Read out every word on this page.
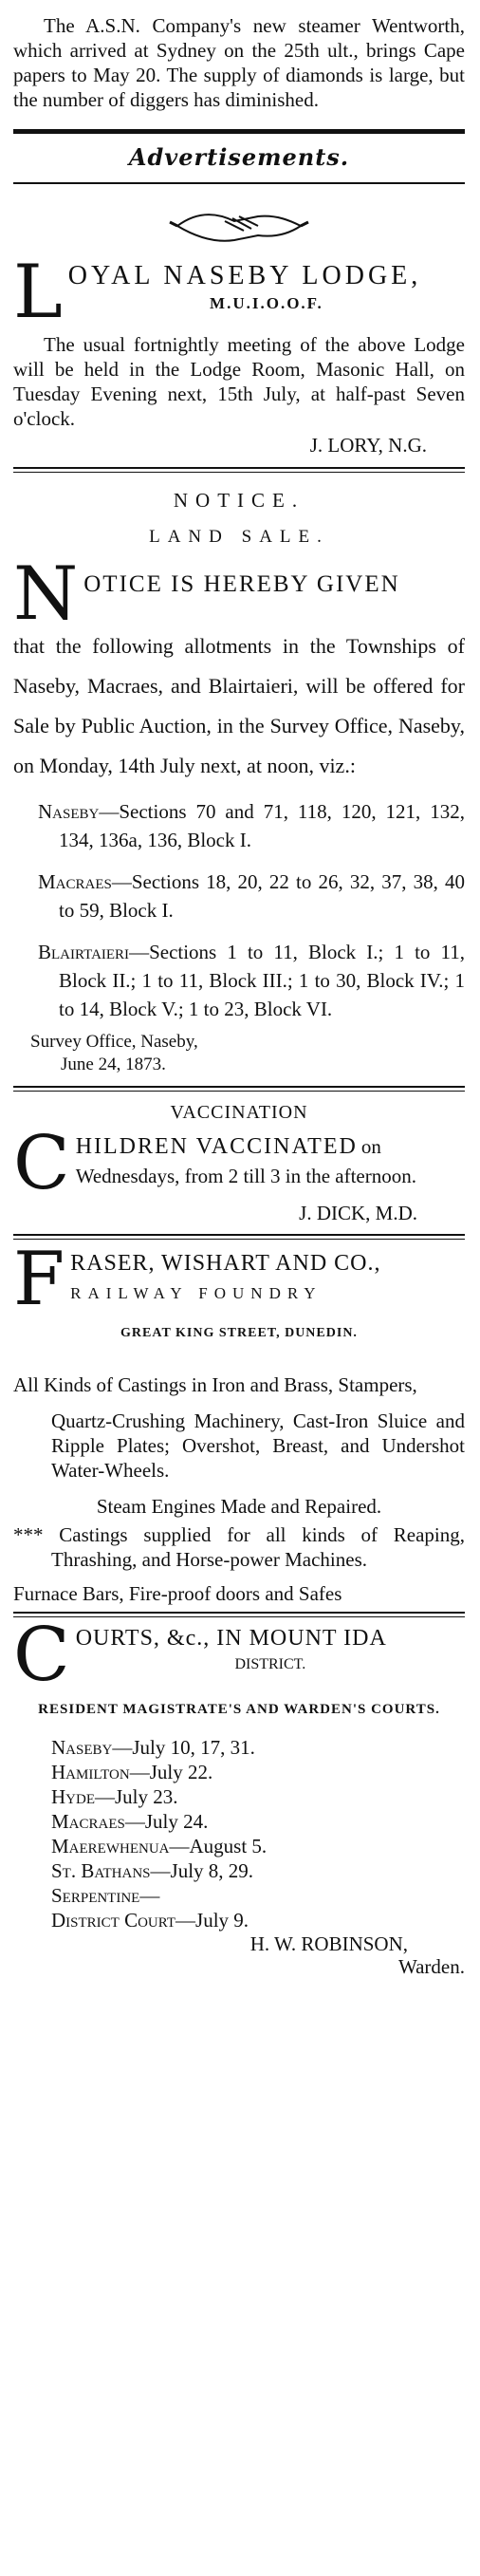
The A.S.N. Company's new steamer Wentworth, which arrived at Sydney on the 25th ult., brings Cape papers to May 20. The supply of diamonds is large, but the number of diggers has diminished.

Advertisements.
L OYAL NASEBY LODGE,
M.U.I.O.O.F.

The usual fortnightly meeting of the above Lodge will be held in the Lodge Room, Masonic Hall, on Tuesday Evening next, 15th July, at half-past Seven o'clock.

J. LORY, N.G.
NOTICE.
LAND SALE.
N OTICE IS HEREBY GIVEN

that the following allotments in the Townships of Naseby, Macraes, and Blairtaieri, will be offered for Sale by Public Auction, in the Survey Office, Naseby, on Monday, 14th July next, at noon, viz.:

Naseby—Sections 70 and 71, 118, 120, 121, 132, 134, 136a, 136, Block I.

Macraes—Sections 18, 20, 22 to 26, 32, 37, 38, 40 to 59, Block I.

Blairtaieri—Sections 1 to 11, Block I.; 1 to 11, Block II.; 1 to 11, Block III.; 1 to 30, Block IV.; 1 to 14, Block V.; 1 to 23, Block VI.

Survey Office, Naseby,
June 24, 1873.
VACCINATION
C HILDREN VACCINATED on Wednesdays, from 2 till 3 in the afternoon.
J. DICK, M.D.
F RASER, WISHART AND CO.,
RAILWAY FOUNDRY
GREAT KING STREET, DUNEDIN.

All Kinds of Castings in Iron and Brass, Stampers,

Quartz-Crushing Machinery, Cast-Iron Sluice and Ripple Plates; Overshot, Breast, and Undershot Water-Wheels.

Steam Engines Made and Repaired.

*** Castings supplied for all kinds of Reaping, Thrashing, and Horse-power Machines.

Furnace Bars, Fire-proof doors and Safes

C OURTS, &c., IN MOUNT IDA
DISTRICT.
RESIDENT MAGISTRATE'S AND WARDEN'S COURTS.
Naseby—July 10, 17, 31.
Hamilton—July 22.
Hyde—July 23.
Macraes—July 24.
Maerewhenua—August 5.
St. Bathans—July 8, 29.
Serpentine—
District Court—July 9.
H. W. ROBINSON,
Warden.
